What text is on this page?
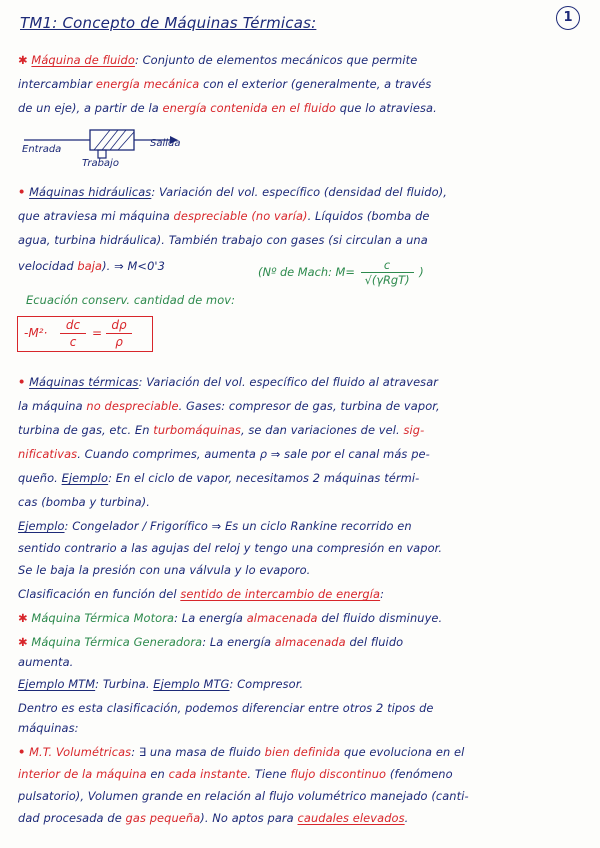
TM1: Concepto de Máquinas Térmicas:	1
✱ Máquina de fluido: Conjunto de elementos mecánicos que permite
intercambiar energía mecánica con el exterior (generalmente, a través
de un eje), a partir de la energía contenida en el fluido que lo atraviesa.
Entrada
Salida
Trabajo
• Máquinas hidráulicas: Variación del vol. específico (densidad del fluido),
que atraviesa mi máquina despreciable (no varía). Líquidos (bomba de
agua, turbina hidráulica). También trabajo con gases (si circulan a una
velocidad baja). ⇒ M<0'3	(Nº de Mach: M=	c
√(γRgT)
)
Ecuación conserv. cantidad de mov:
-M²·
dc
c
=
dρ
ρ
• Máquinas térmicas: Variación del vol. específico del fluido al atravesar
la máquina no despreciable. Gases: compresor de gas, turbina de vapor,
turbina de gas, etc. En turbomáquinas, se dan variaciones de vel. sig-
nificativas. Cuando comprimes, aumenta ρ ⇒ sale por el canal más pe-
queño. Ejemplo: En el ciclo de vapor, necesitamos 2 máquinas térmi-
cas (bomba y turbina).
Ejemplo: Congelador / Frigorífico ⇒ Es un ciclo Rankine recorrido en
sentido contrario a las agujas del reloj y tengo una compresión en vapor.
Se le baja la presión con una válvula y lo evaporo.
Clasificación en función del sentido de intercambio de energía:
✱ Máquina Térmica Motora: La energía almacenada del fluido disminuye.
✱ Máquina Térmica Generadora: La energía almacenada del fluido
aumenta.
Ejemplo MTM: Turbina. Ejemplo MTG: Compresor.
Dentro es esta clasificación, podemos diferenciar entre otros 2 tipos de
máquinas:
• M.T. Volumétricas: ∃ una masa de fluido bien definida que evoluciona en el
interior de la máquina en cada instante. Tiene flujo discontinuo (fenómeno
pulsatorio), Volumen grande en relación al flujo volumétrico manejado (canti-
dad procesada de gas pequeña). No aptos para caudales elevados.
